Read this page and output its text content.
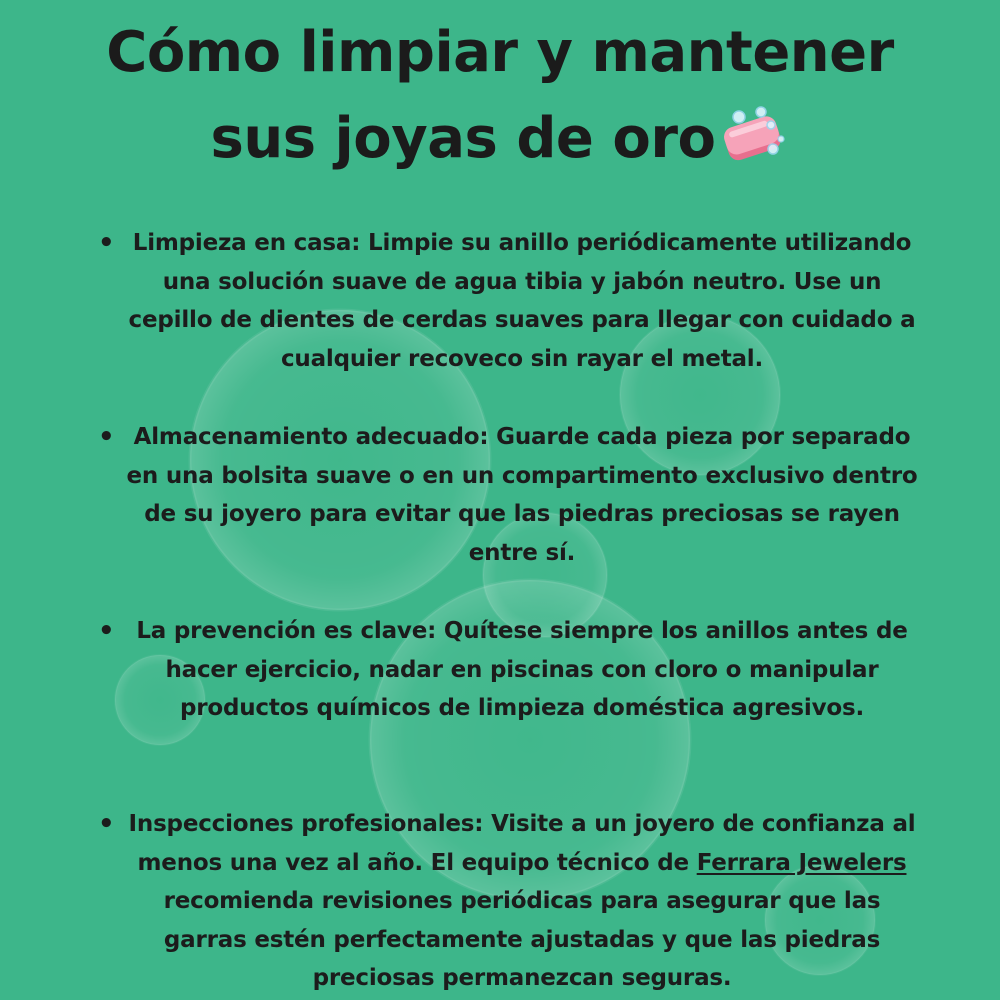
Cómo limpiar y mantener
sus joyas de oro
• Limpieza en casa: Limpie su anillo periódicamente utilizando una solución suave de agua tibia y jabón neutro. Use un cepillo de dientes de cerdas suaves para llegar con cuidado a cualquier recoveco sin rayar el metal.

• Almacenamiento adecuado: Guarde cada pieza por separado en una bolsita suave o en un compartimento exclusivo dentro de su joyero para evitar que las piedras preciosas se rayen entre sí.

• La prevención es clave: Quítese siempre los anillos antes de hacer ejercicio, nadar en piscinas con cloro o manipular productos químicos de limpieza doméstica agresivos.

• Inspecciones profesionales: Visite a un joyero de confianza al menos una vez al año. El equipo técnico de Ferrara Jewelers recomienda revisiones periódicas para asegurar que las garras estén perfectamente ajustadas y que las piedras preciosas permanezcan seguras.
